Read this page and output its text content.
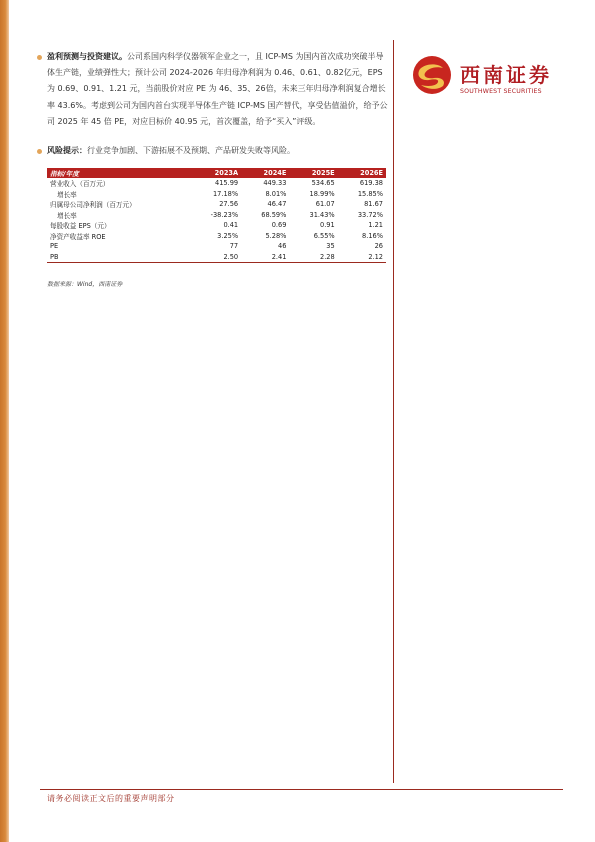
西南证券
SOUTHWEST SECURITIES
盈利预测与投资建议。公司系国内科学仪器领军企业之一，且 ICP-MS 为国内首次成功突破半导体生产链，业绩弹性大；预计公司 2024-2026 年归母净利润为 0.46、0.61、0.82亿元，EPS 为 0.69、0.91、1.21 元，当前股价对应 PE 为 46、35、26倍，未来三年归母净利润复合增长率 43.6%。考虑到公司为国内首台实现半导体生产链 ICP-MS 国产替代，享受估值溢价，给予公司 2025 年 45 倍 PE，对应目标价 40.95 元，首次覆盖，给予“买入”评级。
风险提示：行业竞争加剧、下游拓展不及预期、产品研发失败等风险。
指标/年度	2023A	2024E	2025E	2026E
营业收入（百万元）	415.99	449.33	534.65	619.38
增长率	17.18%	8.01%	18.99%	15.85%
归属母公司净利润（百万元）	27.56	46.47	61.07	81.67
增长率	-38.23%	68.59%	31.43%	33.72%
每股收益 EPS（元）	0.41	0.69	0.91	1.21
净资产收益率 ROE	3.25%	5.28%	6.55%	8.16%
PE	77	46	35	26
PB	2.50	2.41	2.28	2.12
数据来源：Wind，西南证券
请务必阅读正文后的重要声明部分
